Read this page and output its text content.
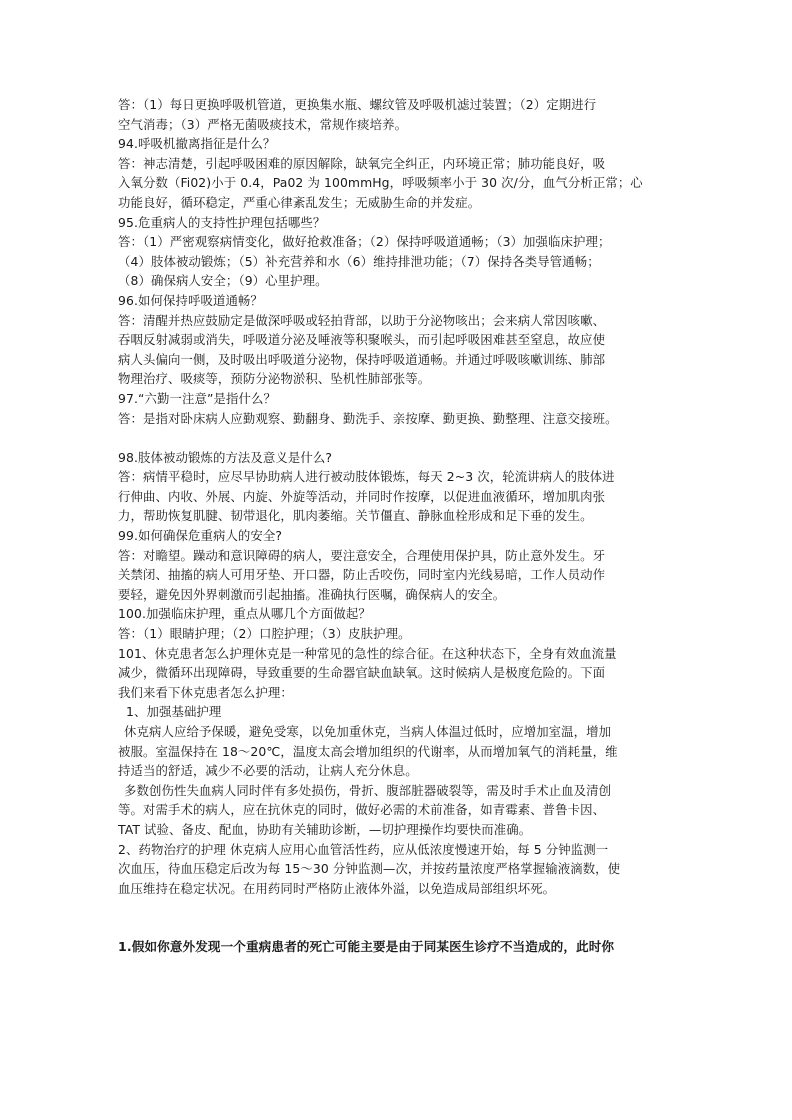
答：（1）每日更换呼吸机管道，更换集水瓶、螺纹管及呼吸机滤过装置；（2）定期进行
空气消毒；（3）严格无菌吸痰技术，常规作痰培养。
94.呼吸机撤离指征是什么？
答：神志清楚，引起呼吸困难的原因解除，缺氧完全纠正，内环境正常；肺功能良好，吸
入氧分数（Fi02)小于 0.4，Pa02 为 100mmHg，呼吸频率小于 30 次/分，血气分析正常；心
功能良好，循环稳定，严重心律紊乱发生；无威胁生命的并发症。
95.危重病人的支持性护理包括哪些？
答：（1）严密观察病情变化，做好抢救准备；（2）保持呼吸道通畅；（3）加强临床护理；
（4）肢体被动锻炼；（5）补充营养和水（6）维持排泄功能；（7）保持各类导管通畅；
（8）确保病人安全；（9）心里护理。
96.如何保持呼吸道通畅？
答：清醒并热应鼓励定是做深呼吸或轻拍背部，以助于分泌物咳出；会来病人常因咳嗽、
吞咽反射减弱或消失，呼吸道分泌及唾液等积聚喉头，而引起呼吸困难甚至窒息，故应使
病人头偏向一侧，及时吸出呼吸道分泌物，保持呼吸道通畅。并通过呼吸咳嗽训练、肺部
物理治疗、吸痰等，预防分泌物淤积、坠机性肺部张等。
97.“六勤一注意”是指什么？
答：是指对卧床病人应勤观察、勤翻身、勤洗手、亲按摩、勤更换、勤整理、注意交接班。
98.肢体被动锻炼的方法及意义是什么?
答：病情平稳时，应尽早协助病人进行被动肢体锻炼，每天 2~3 次，轮流讲病人的肢体进
行伸曲、内收、外展、内旋、外旋等活动，并同时作按摩，以促进血液循环，增加肌肉张
力，帮助恢复肌腱、韧带退化，肌肉萎缩。关节僵直、静脉血栓形成和足下垂的发生。
99.如何确保危重病人的安全?
答：对瞻望。躁动和意识障碍的病人，要注意安全，合理使用保护具，防止意外发生。牙
关禁闭、抽搐的病人可用牙垫、开口器，防止舌咬伤，同时室内光线易暗，工作人员动作
要轻，避免因外界刺激而引起抽搐。准确执行医嘱，确保病人的安全。
100.加强临床护理，重点从哪几个方面做起？
答：（1）眼睛护理；（2）口腔护理；（3）皮肤护理。
101、休克患者怎么护理休克是一种常见的急性的综合征。在这种状态下，全身有效血流量
减少，微循环出现障碍，导致重要的生命器官缺血缺氧。这时候病人是极度危险的。下面
我们来看下休克患者怎么护理：
1、加强基础护理
休克病人应给予保暖，避免受寒，以免加重休克，当病人体温过低时，应增加室温，增加
被服。室温保持在 18～20℃，温度太高会增加组织的代谢率，从而增加氧气的消耗量，维
持适当的舒适，减少不必要的活动，让病人充分休息。
多数创伤性失血病人同时伴有多处损伤，骨折、腹部脏器破裂等，需及时手术止血及清创
等。对需手术的病人，应在抗休克的同时，做好必需的术前准备，如青霉素、普鲁卡因、
TAT 试验、备皮、配血，协助有关辅助诊断，—切护理操作均要快而准确。
2、药物治疗的护理 休克病人应用心血管活性药，应从低浓度慢速开始，每 5 分钟监测一
次血压，待血压稳定后改为每 15～30 分钟监测—次，并按药量浓度严格掌握输液滴数，使
血压维持在稳定状况。在用药同时严格防止液体外溢，以免造成局部组织坏死。
1.假如你意外发现一个重病患者的死亡可能主要是由于同某医生诊疗不当造成的，此时你
